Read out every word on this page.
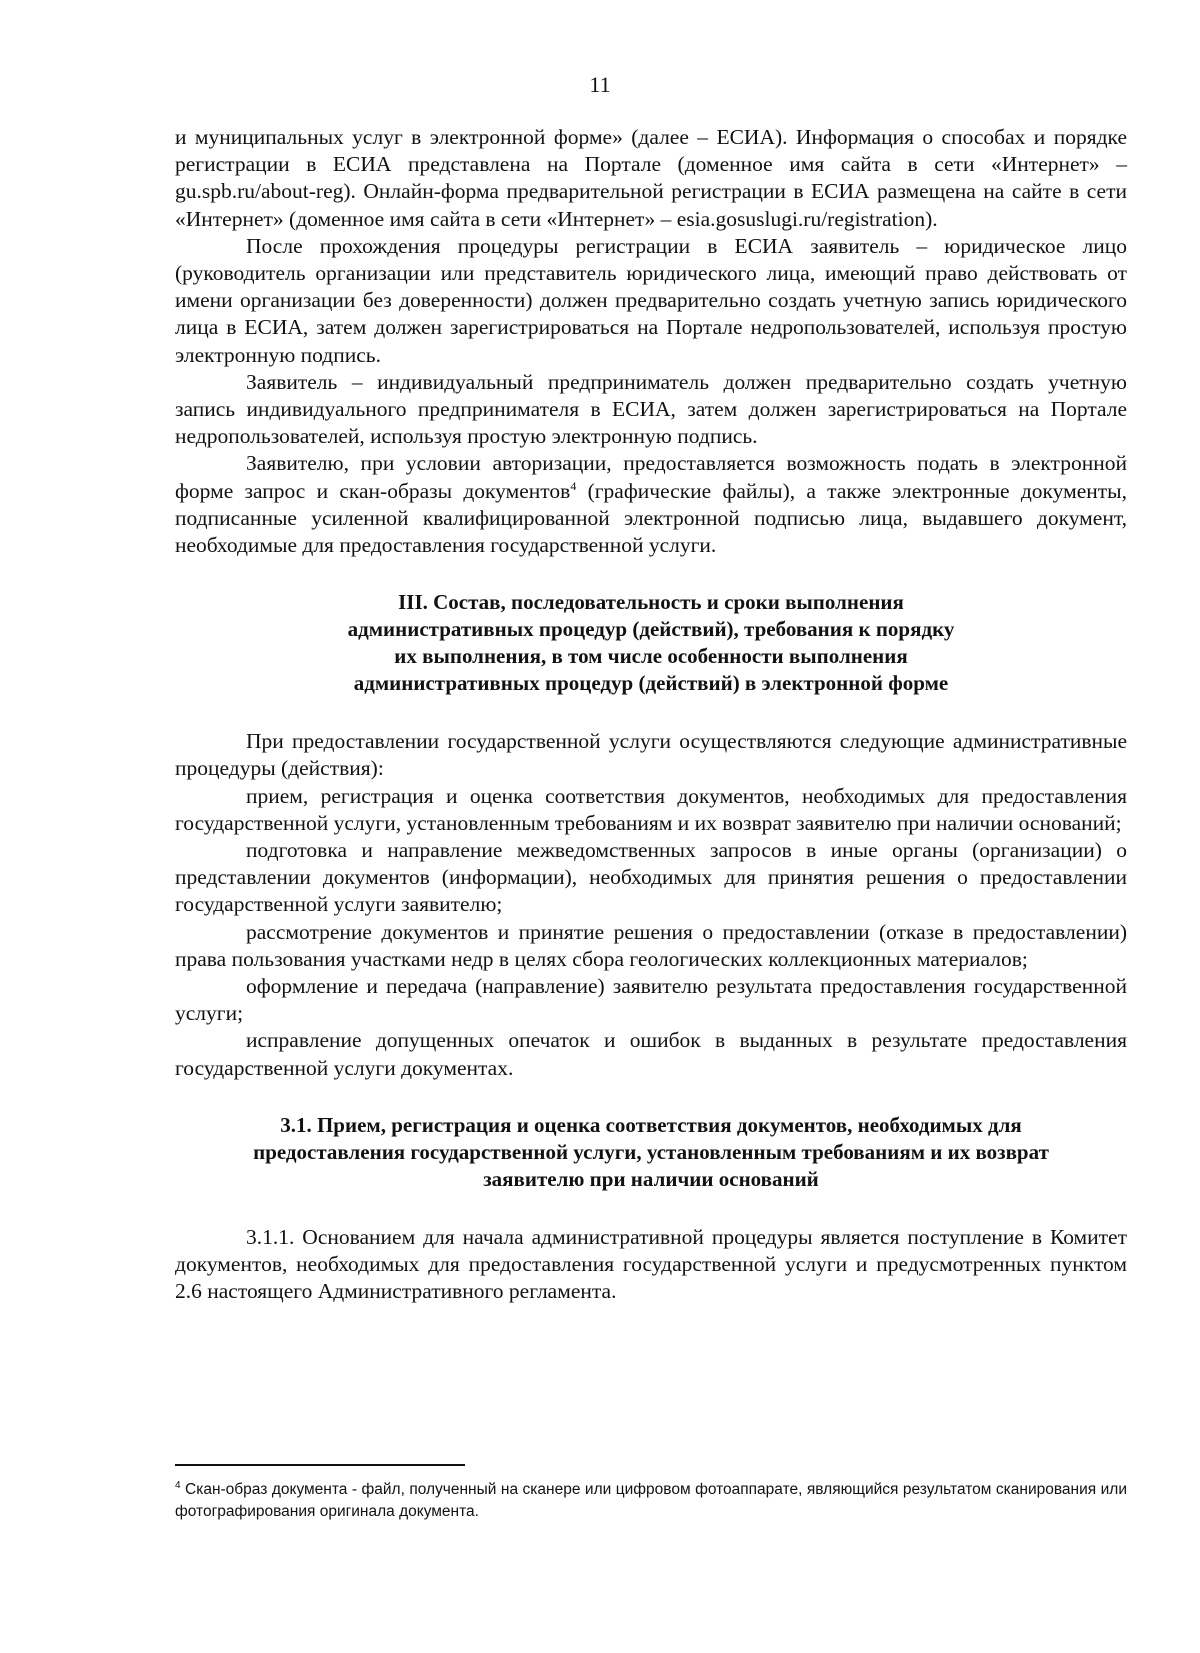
11

и муниципальных услуг в электронной форме» (далее – ЕСИА). Информация о способах и порядке регистрации в ЕСИА представлена на Портале (доменное имя сайта в сети «Интернет» – gu.spb.ru/about-reg). Онлайн-форма предварительной регистрации в ЕСИА размещена на сайте в сети «Интернет» (доменное имя сайта в сети «Интернет» – esia.gosuslugi.ru/registration).

После прохождения процедуры регистрации в ЕСИА заявитель – юридическое лицо (руководитель организации или представитель юридического лица, имеющий право действовать от имени организации без доверенности) должен предварительно создать учетную запись юридического лица в ЕСИА, затем должен зарегистрироваться на Портале недропользователей, используя простую электронную подпись.

Заявитель – индивидуальный предприниматель должен предварительно создать учетную запись индивидуального предпринимателя в ЕСИА, затем должен зарегистрироваться на Портале недропользователей, используя простую электронную подпись.

Заявителю, при условии авторизации, предоставляется возможность подать в электронной форме запрос и скан-образы документов$^4$ (графические файлы), а также электронные документы, подписанные усиленной квалифицированной электронной подписью лица, выдавшего документ, необходимые для предоставления государственной услуги.

III. Состав, последовательность и сроки выполнения
административных процедур (действий), требования к порядку
их выполнения, в том числе особенности выполнения
административных процедур (действий) в электронной форме

При предоставлении государственной услуги осуществляются следующие административные процедуры (действия):

прием, регистрация и оценка соответствия документов, необходимых для предоставления государственной услуги, установленным требованиям и их возврат заявителю при наличии оснований;

подготовка и направление межведомственных запросов в иные органы (организации) о представлении документов (информации), необходимых для принятия решения о предоставлении государственной услуги заявителю;

рассмотрение документов и принятие решения о предоставлении (отказе в предоставлении) права пользования участками недр в целях сбора геологических коллекционных материалов;

оформление и передача (направление) заявителю результата предоставления государственной услуги;

исправление допущенных опечаток и ошибок в выданных в результате предоставления государственной услуги документах.

3.1. Прием, регистрация и оценка соответствия документов, необходимых для
предоставления государственной услуги, установленным требованиям и их возврат
заявителю при наличии оснований

3.1.1. Основанием для начала административной процедуры является поступление в Комитет документов, необходимых для предоставления государственной услуги и предусмотренных пунктом 2.6 настоящего Административного регламента.

$^4$ Скан-образ документа - файл, полученный на сканере или цифровом фотоаппарате, являющийся результатом сканирования или фотографирования оригинала документа.
